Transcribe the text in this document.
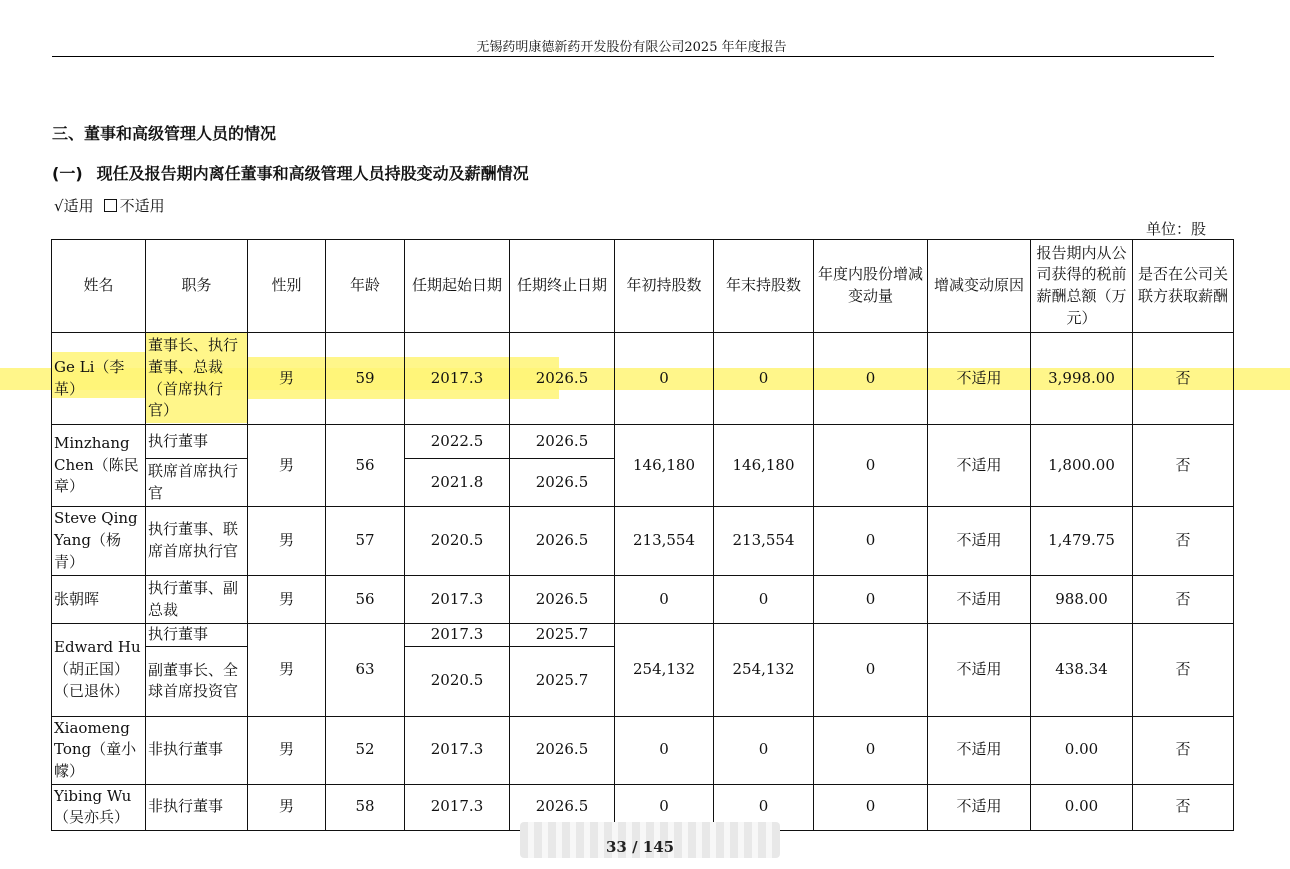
无锡药明康德新药开发股份有限公司2025 年年度报告
三、董事和高级管理人员的情况
(一) 现任及报告期内离任董事和高级管理人员持股变动及薪酬情况
√适用 不适用
单位：股
姓名	职务	性别	年龄	任期起始日期	任期终止日期	年初持股数	年末持股数	年度内股份增减变动量	增减变动原因	报告期内从公司获得的税前薪酬总额（万元）	是否在公司关联方获取薪酬
Ge Li（李革）	董事长、执行董事、总裁（首席执行官）	男	59	2017.3	2026.5	0	0	0	不适用	3,998.00	否
Minzhang Chen（陈民章）	执行董事	男	56	2022.5	2026.5	146,180	146,180	0	不适用	1,800.00	否
	联席首席执行官			2021.8	2026.5						
Steve Qing Yang（杨青）	执行董事、联席首席执行官	男	57	2020.5	2026.5	213,554	213,554	0	不适用	1,479.75	否
张朝晖	执行董事、副总裁	男	56	2017.3	2026.5	0	0	0	不适用	988.00	否
Edward Hu（胡正国）（已退休）	执行董事	男	63	2017.3	2025.7	254,132	254,132	0	不适用	438.34	否
	副董事长、全球首席投资官			2020.5	2025.7						
Xiaomeng Tong（童小幪）	非执行董事	男	52	2017.3	2026.5	0	0	0	不适用	0.00	否
Yibing Wu（吴亦兵）	非执行董事	男	58	2017.3	2026.5	0	0	0	不适用	0.00	否
33 / 145
